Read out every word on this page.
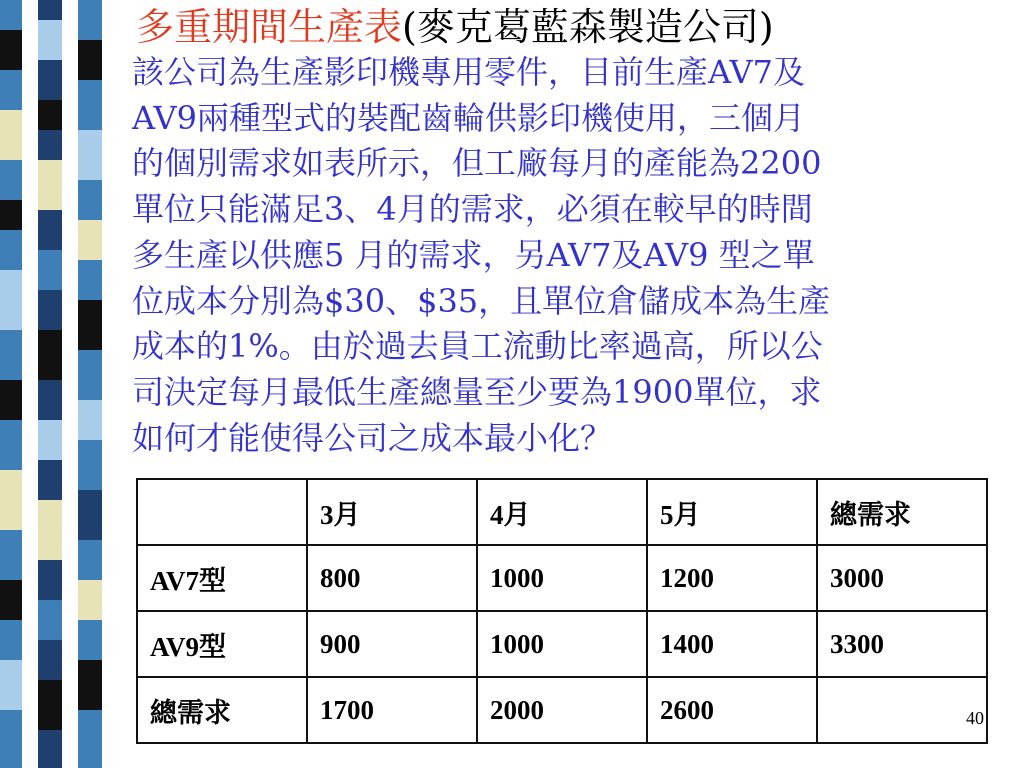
多重期間生產表(麥克葛藍森製造公司)
該公司為生產影印機專用零件，目前生產AV7及
AV9兩種型式的裝配齒輪供影印機使用，三個月
的個別需求如表所示，但工廠每月的產能為2200
單位只能滿足3、4月的需求，必須在較早的時間
多生產以供應5 月的需求，另AV7及AV9 型之單
位成本分別為$30、$35，且單位倉儲成本為生產
成本的1%。由於過去員工流動比率過高，所以公
司決定每月最低生產總量至少要為1900單位，求
如何才能使得公司之成本最小化？
	3月	4月	5月	總需求
AV7型	800	1000	1200	3000
AV9型	900	1000	1400	3300
總需求	1700	2000	2600		40
